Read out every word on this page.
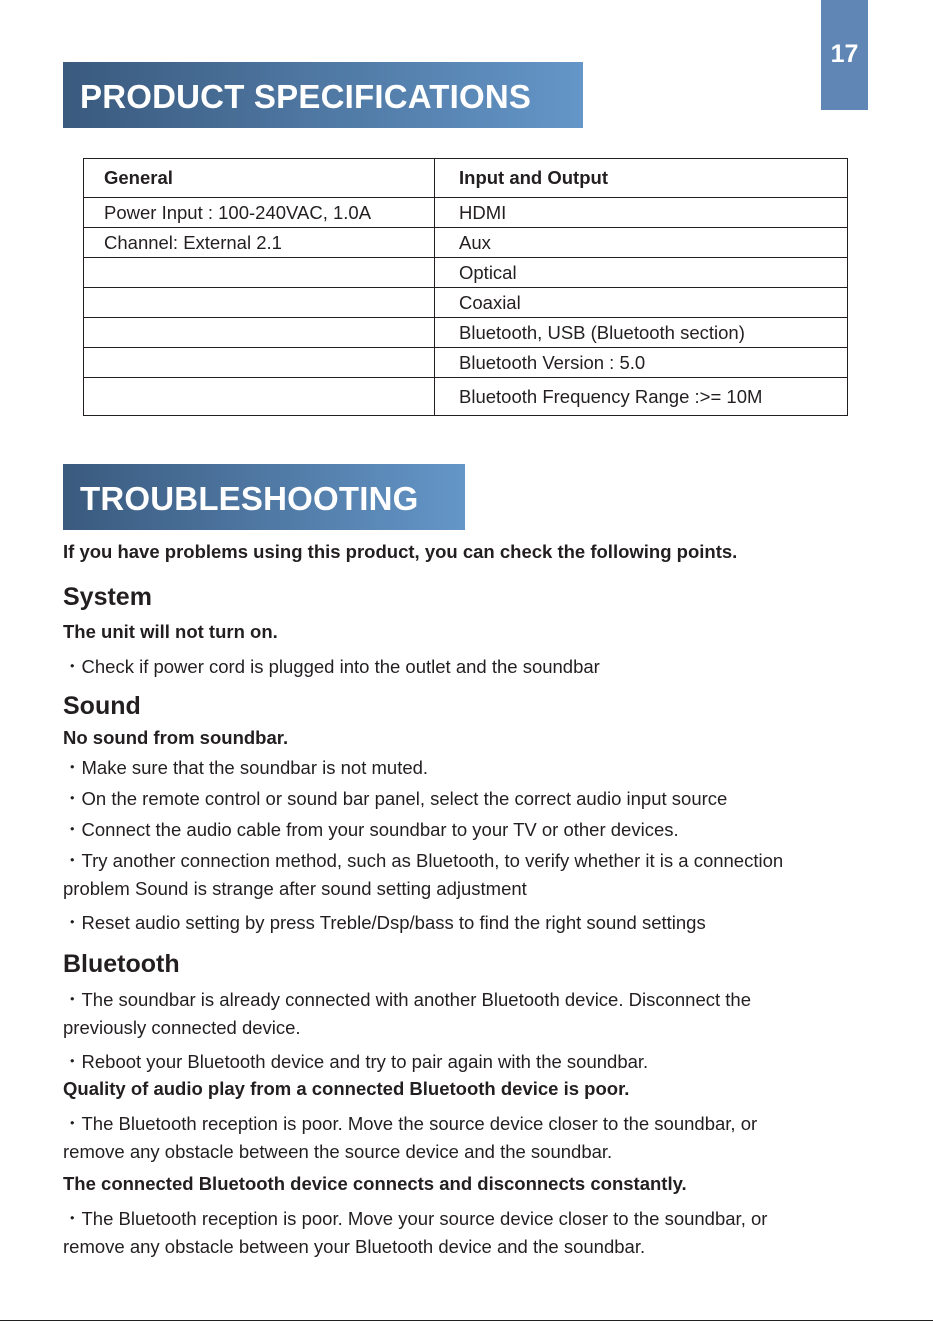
17
PRODUCT SPECIFICATIONS
General	Input and Output
Power Input : 100-240VAC, 1.0A	HDMI
Channel: External 2.1	Aux
	Optical
	Coaxial
	Bluetooth, USB (Bluetooth section)
	Bluetooth Version : 5.0
	Bluetooth Frequency Range :>= 10M
TROUBLESHOOTING
If you have problems using this product, you can check the following points.
System
The unit will not turn on.
・Check if power cord is plugged into the outlet and the soundbar
Sound
No sound from soundbar.
・Make sure that the soundbar is not muted.
・On the remote control or sound bar panel, select the correct audio input source
・Connect the audio cable from your soundbar to your TV or other devices.
・Try another connection method, such as Bluetooth, to verify whether it is a connection
problem Sound is strange after sound setting adjustment
・Reset audio setting by press Treble/Dsp/bass to find the right sound settings
Bluetooth
・The soundbar is already connected with another Bluetooth device. Disconnect the
previously connected device.
・Reboot your Bluetooth device and try to pair again with the soundbar.
Quality of audio play from a connected Bluetooth device is poor.
・The Bluetooth reception is poor. Move the source device closer to the soundbar, or
remove any obstacle between the source device and the soundbar.
The connected Bluetooth device connects and disconnects constantly.
・The Bluetooth reception is poor. Move your source device closer to the soundbar, or
remove any obstacle between your Bluetooth device and the soundbar.
